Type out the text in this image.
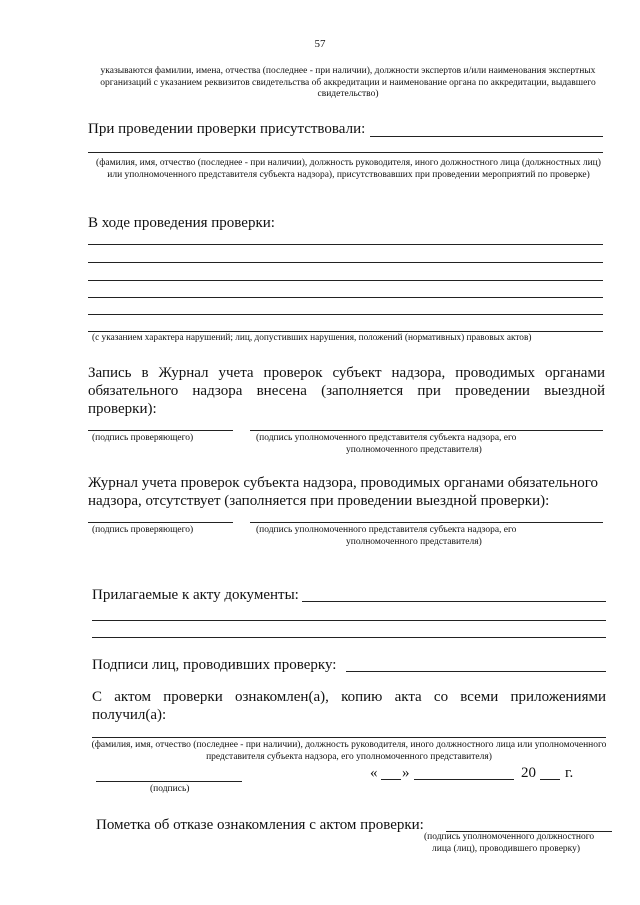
57
указываются фамилии, имена, отчества (последнее - при наличии), должности экспертов и/или наименования экспертных организаций с указанием реквизитов свидетельства об аккредитации и наименование органа по аккредитации, выдавшего свидетельство)
При проведении проверки присутствовали:
(фамилия, имя, отчество (последнее - при наличии), должность руководителя, иного должностного лица (должностных лиц) или уполномоченного представителя субъекта надзора), присутствовавших при проведении мероприятий по проверке)
В ходе проведения проверки:
(с указанием характера нарушений; лиц, допустивших нарушения, положений (нормативных) правовых актов)
Запись в Журнал учета проверок субъект надзора, проводимых органами
обязательного надзора внесена (заполняется при проведении выездной
проверки):
(подпись проверяющего)	(подпись уполномоченного представителя субъекта надзора, его
уполномоченного представителя)
Журнал учета проверок субъекта надзора, проводимых органами обязательного
надзора, отсутствует (заполняется при проведении выездной проверки):
(подпись проверяющего)	(подпись уполномоченного представителя субъекта надзора, его
уполномоченного представителя)
Прилагаемые к акту документы:
Подписи лиц, проводивших проверку:
С актом проверки ознакомлен(а), копию акта со всеми приложениями
получил(а):
(фамилия, имя, отчество (последнее - при наличии), должность руководителя, иного должностного лица или уполномоченного представителя субъекта надзора, его уполномоченного представителя)
« »	20 г.
(подпись)
Пометка об отказе ознакомления с актом проверки:
(подпись уполномоченного должностного
лица (лиц), проводившего проверку)
